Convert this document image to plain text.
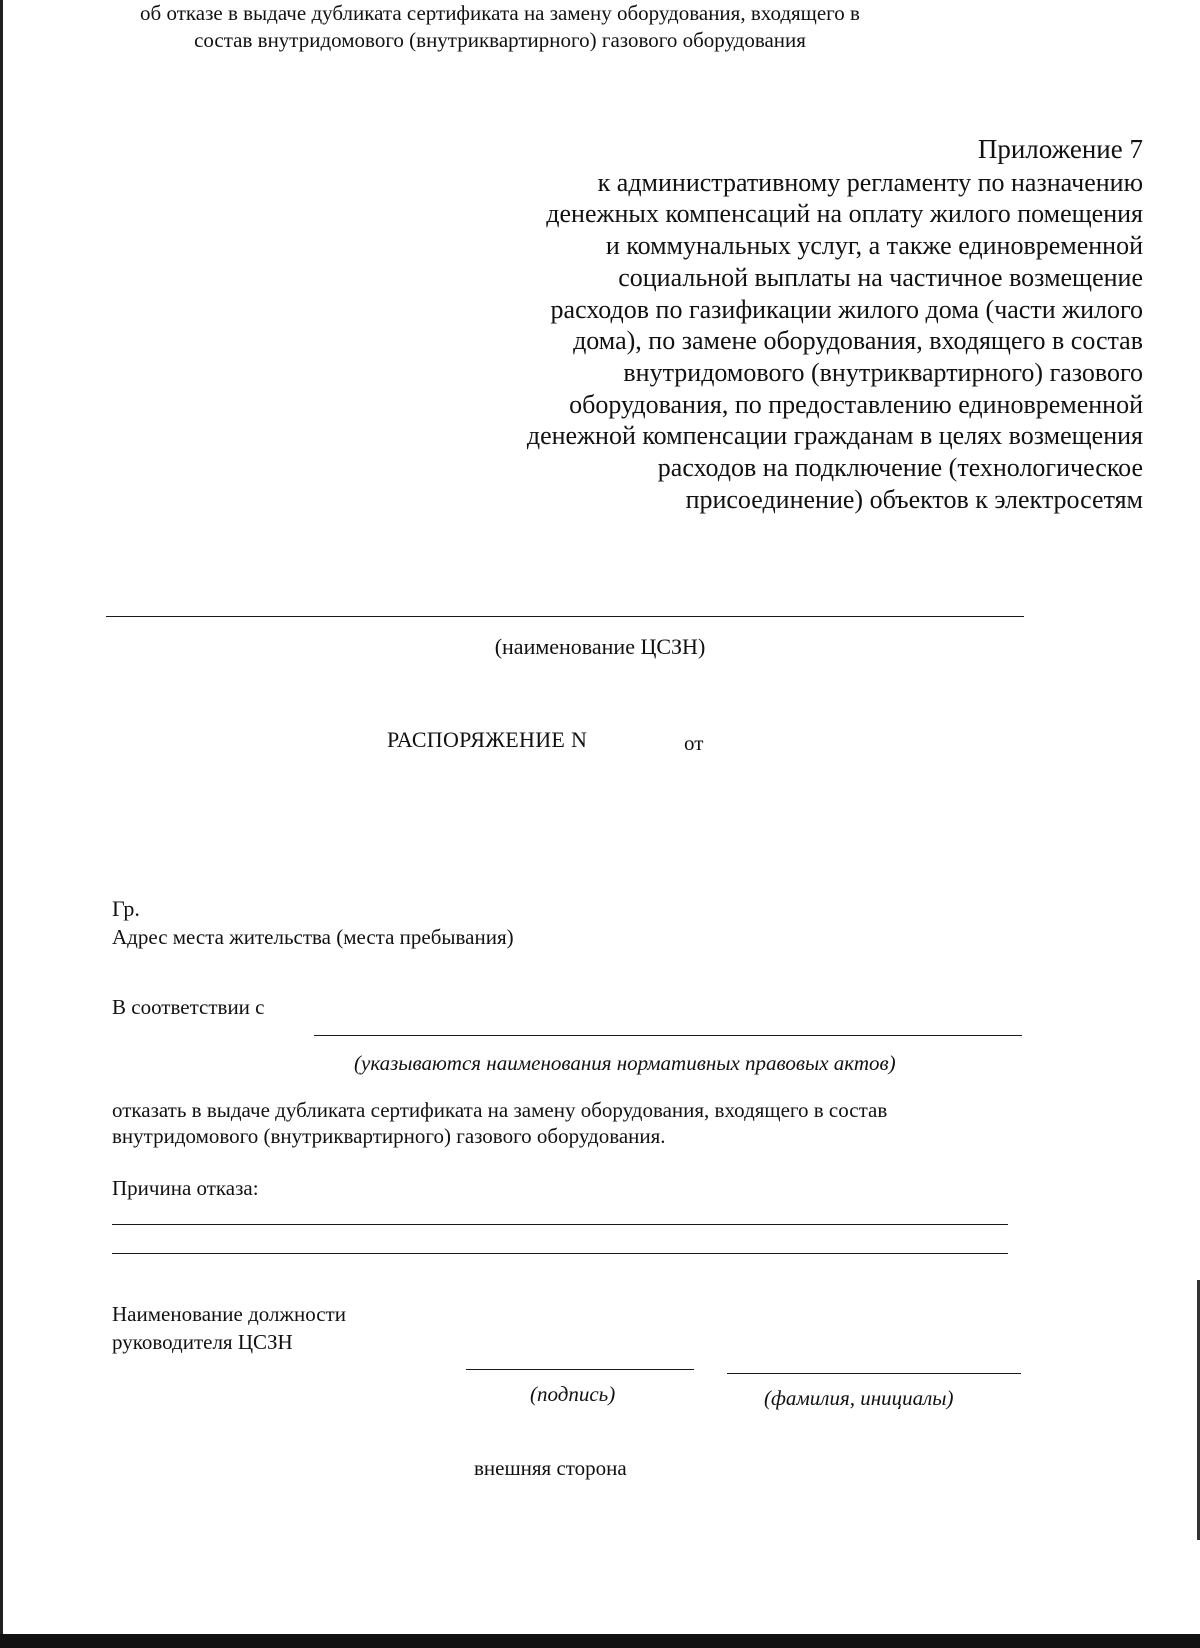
Приложение 7
к административному регламенту по назначению
денежных компенсаций на оплату жилого помещения
и коммунальных услуг, а также единовременной
социальной выплаты на частичное возмещение
расходов по газификации жилого дома (части жилого
дома), по замене оборудования, входящего в состав
внутридомового (внутриквартирного) газового
оборудования, по предоставлению единовременной
денежной компенсации гражданам в целях возмещения
расходов на подключение (технологическое
присоединение) объектов к электросетям
(наименование ЦСЗН)
РАСПОРЯЖЕНИЕ N	от
об отказе в выдаче дубликата сертификата на замену оборудования, входящего в
состав внутридомового (внутриквартирного) газового оборудования
Гр.
Адрес места жительства (места пребывания)
В соответствии с
(указываются наименования нормативных правовых актов)
отказать в выдаче дубликата сертификата на замену оборудования, входящего в состав
внутридомового (внутриквартирного) газового оборудования.
Причина отказа:
Наименование должности
руководителя ЦСЗН
(подпись)	(фамилия, инициалы)
внешняя сторона
